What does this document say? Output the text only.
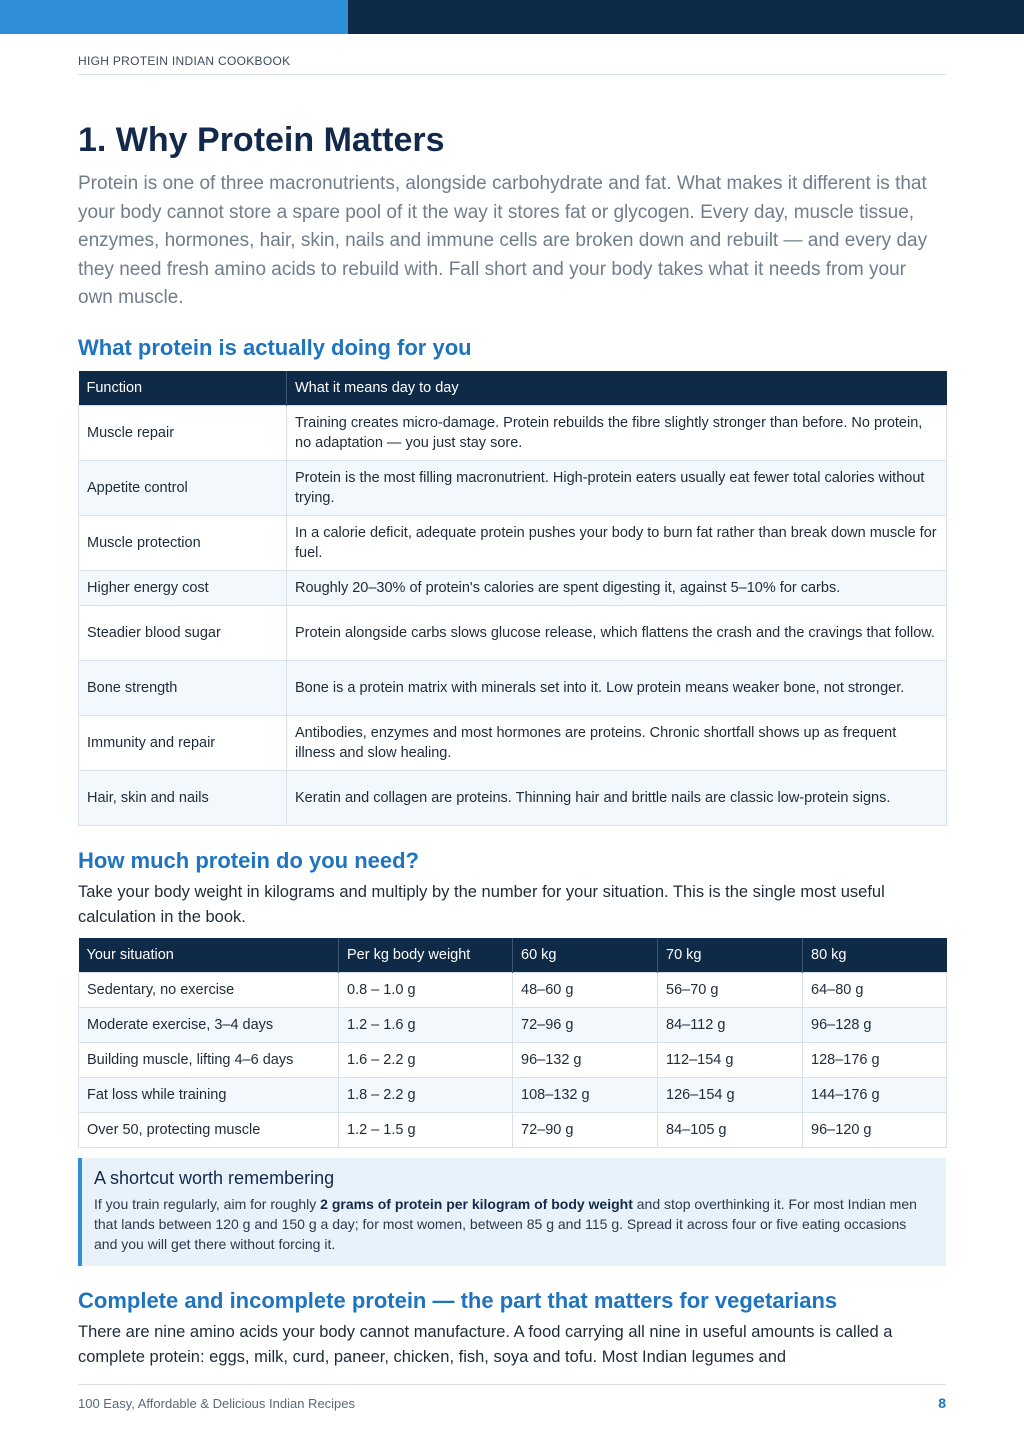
HIGH PROTEIN INDIAN COOKBOOK
1. Why Protein Matters

Protein is one of three macronutrients, alongside carbohydrate and fat. What makes it different is that your body cannot store a spare pool of it the way it stores fat or glycogen. Every day, muscle tissue, enzymes, hormones, hair, skin, nails and immune cells are broken down and rebuilt — and every day they need fresh amino acids to rebuild with. Fall short and your body takes what it needs from your own muscle.

What protein is actually doing for you
Function	What it means day to day
Muscle repair	Training creates micro-damage. Protein rebuilds the fibre slightly stronger than before. No protein, no adaptation — you just stay sore.
Appetite control	Protein is the most filling macronutrient. High-protein eaters usually eat fewer total calories without trying.
Muscle protection	In a calorie deficit, adequate protein pushes your body to burn fat rather than break down muscle for fuel.
Higher energy cost	Roughly 20–30% of protein's calories are spent digesting it, against 5–10% for carbs.
Steadier blood sugar	Protein alongside carbs slows glucose release, which flattens the crash and the cravings that follow.
Bone strength	Bone is a protein matrix with minerals set into it. Low protein means weaker bone, not stronger.
Immunity and repair	Antibodies, enzymes and most hormones are proteins. Chronic shortfall shows up as frequent illness and slow healing.
Hair, skin and nails	Keratin and collagen are proteins. Thinning hair and brittle nails are classic low-protein signs.
How much protein do you need?

Take your body weight in kilograms and multiply by the number for your situation. This is the single most useful calculation in the book.

Your situation	Per kg body weight	60 kg	70 kg	80 kg
Sedentary, no exercise	0.8 – 1.0 g	48–60 g	56–70 g	64–80 g
Moderate exercise, 3–4 days	1.2 – 1.6 g	72–96 g	84–112 g	96–128 g
Building muscle, lifting 4–6 days	1.6 – 2.2 g	96–132 g	112–154 g	128–176 g
Fat loss while training	1.8 – 2.2 g	108–132 g	126–154 g	144–176 g
Over 50, protecting muscle	1.2 – 1.5 g	72–90 g	84–105 g	96–120 g
A shortcut worth remembering
If you train regularly, aim for roughly 2 grams of protein per kilogram of body weight and stop overthinking it. For most Indian men that lands between 120 g and 150 g a day; for most women, between 85 g and 115 g. Spread it across four or five eating occasions and you will get there without forcing it.
Complete and incomplete protein — the part that matters for vegetarians

There are nine amino acids your body cannot manufacture. A food carrying all nine in useful amounts is called a complete protein: eggs, milk, curd, paneer, chicken, fish, soya and tofu. Most Indian legumes and

100 Easy, Affordable & Delicious Indian Recipes	8
